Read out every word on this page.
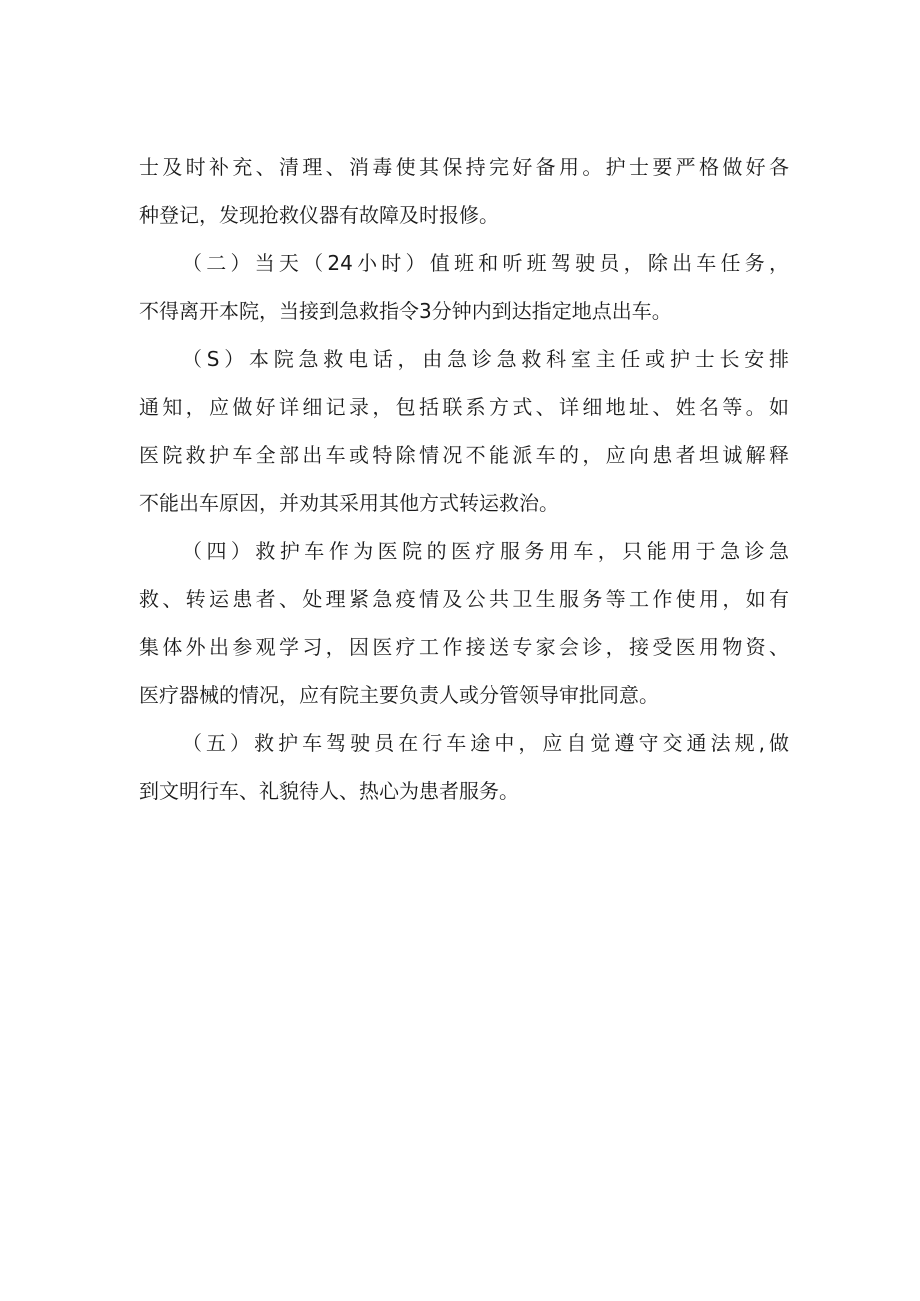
士及时补充、清理、消毒使其保持完好备用。护士要严格做好各
种登记，发现抢救仪器有故障及时报修。
（二）当天（24小时）值班和听班驾驶员，除出车任务，
不得离开本院，当接到急救指令3分钟内到达指定地点出车。
（S）本院急救电话，由急诊急救科室主任或护士长安排
通知，应做好详细记录，包括联系方式、详细地址、姓名等。如
医院救护车全部出车或特除情况不能派车的，应向患者坦诚解释
不能出车原因，并劝其采用其他方式转运救治。
（四）救护车作为医院的医疗服务用车，只能用于急诊急
救、转运患者、处理紧急疫情及公共卫生服务等工作使用，如有
集体外出参观学习，因医疗工作接送专家会诊，接受医用物资、
医疗器械的情况，应有院主要负责人或分管领导审批同意。
（五）救护车驾驶员在行车途中，应自觉遵守交通法规,做
到文明行车、礼貌待人、热心为患者服务。
